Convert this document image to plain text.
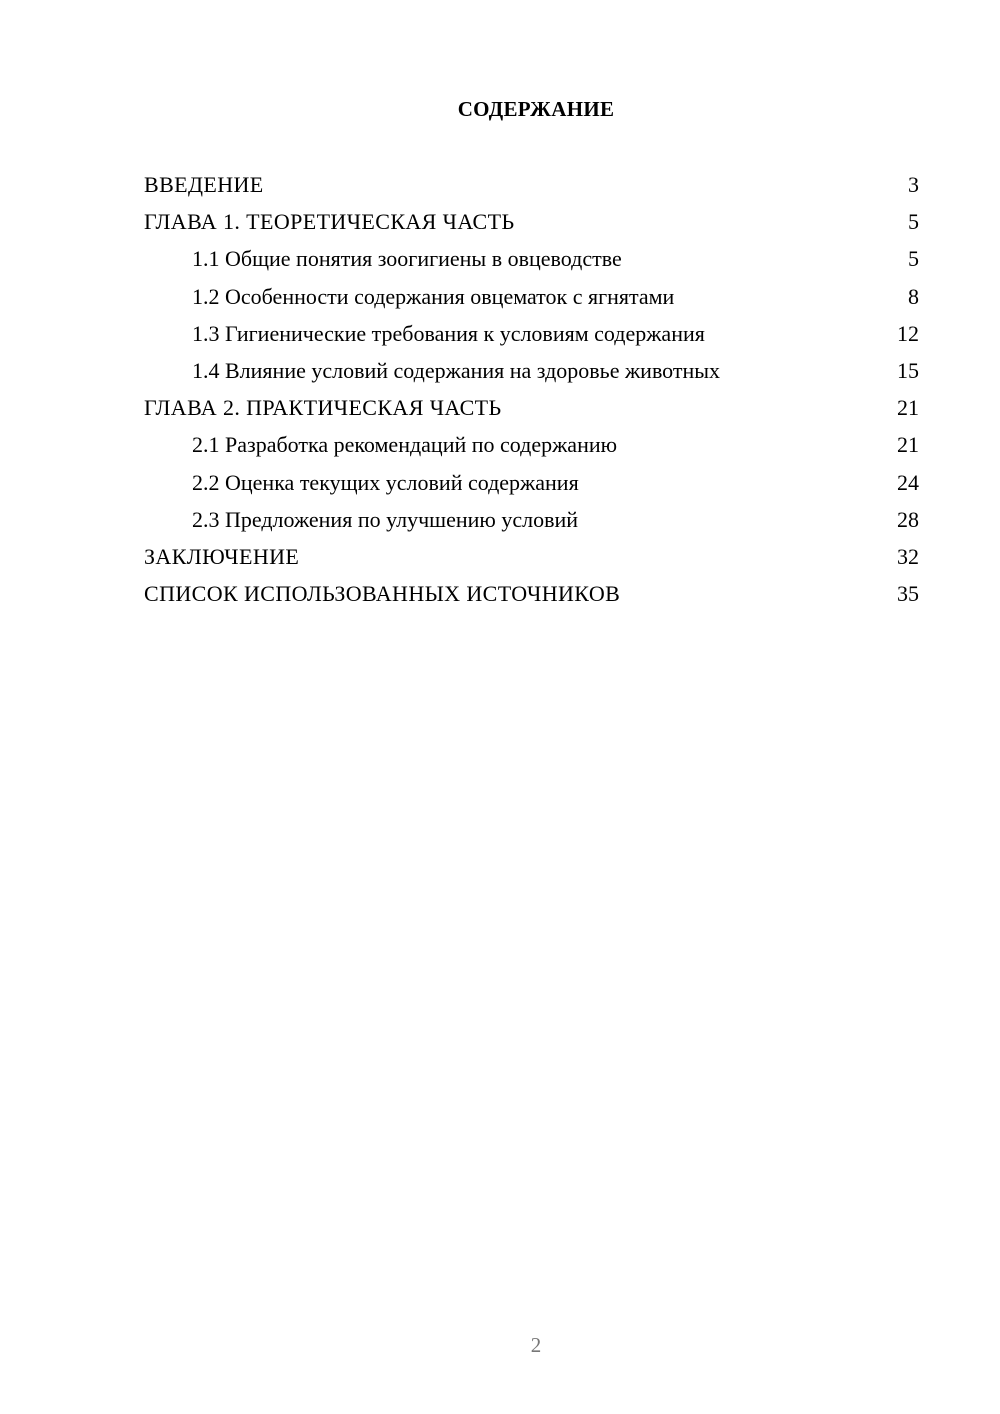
СОДЕРЖАНИЕ
ВВЕДЕНИЕ	3
ГЛАВА 1. ТЕОРЕТИЧЕСКАЯ ЧАСТЬ	5
1.1 Общие понятия зоогигиены в овцеводстве	5
1.2 Особенности содержания овцематок с ягнятами	8
1.3 Гигиенические требования к условиям содержания	12
1.4 Влияние условий содержания на здоровье животных	15
ГЛАВА 2. ПРАКТИЧЕСКАЯ ЧАСТЬ	21
2.1 Разработка рекомендаций по содержанию	21
2.2 Оценка текущих условий содержания	24
2.3 Предложения по улучшению условий	28
ЗАКЛЮЧЕНИЕ	32
СПИСОК ИСПОЛЬЗОВАННЫХ ИСТОЧНИКОВ	35
2
